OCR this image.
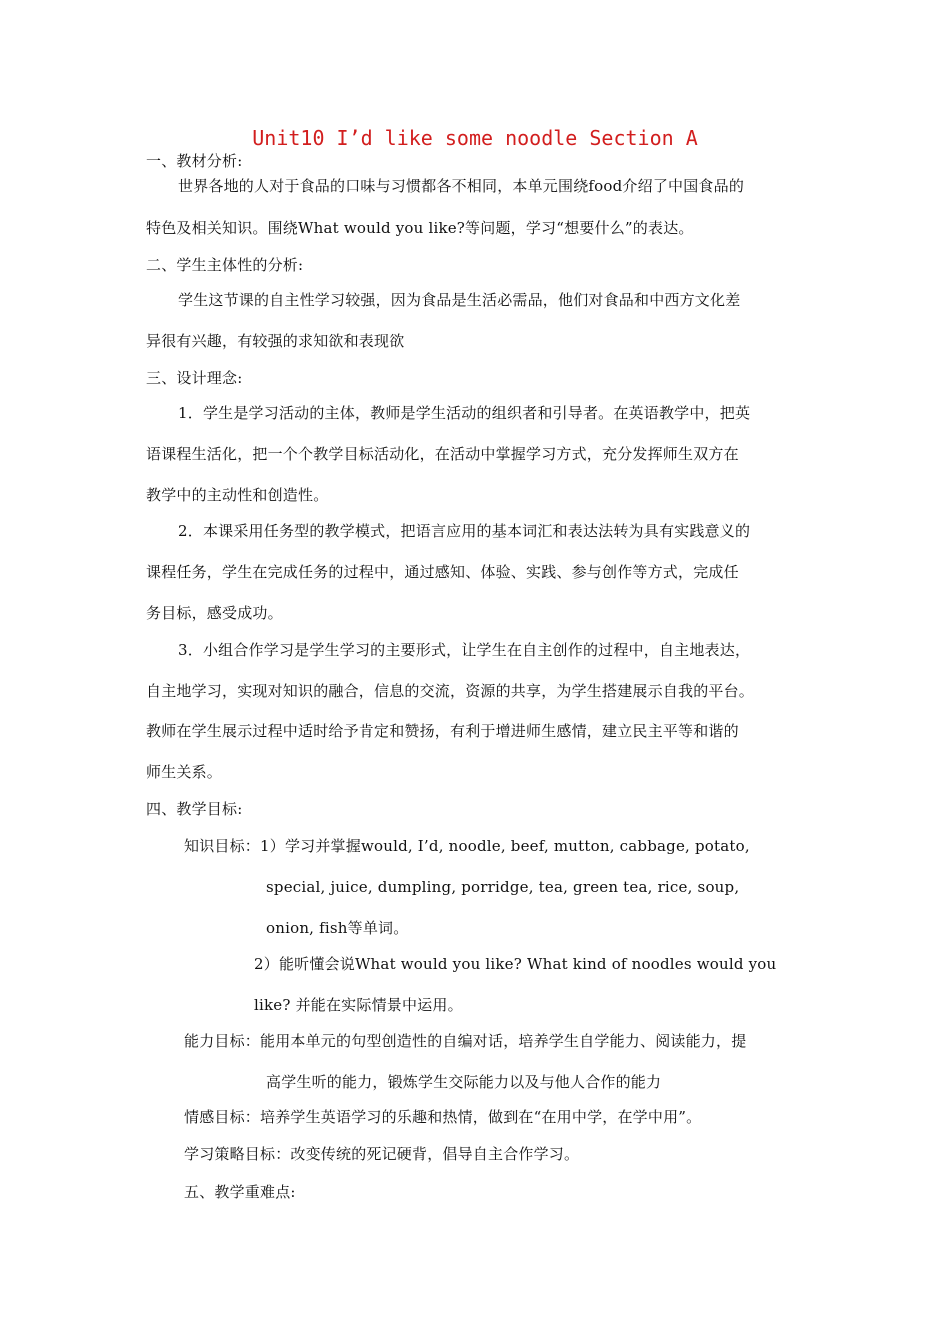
Unit10 I’d like some noodle Section A
一、教材分析:
世界各地的人对于食品的口味与习惯都各不相同，本单元围绕food介绍了中国食品的
特色及相关知识。围绕What would you like?等问题，学习“想要什么”的表达。
二、学生主体性的分析:
学生这节课的自主性学习较强，因为食品是生活必需品，他们对食品和中西方文化差
异很有兴趣，有较强的求知欲和表现欲
三、设计理念:
1．学生是学习活动的主体，教师是学生活动的组织者和引导者。在英语教学中，把英
语课程生活化，把一个个教学目标活动化，在活动中掌握学习方式，充分发挥师生双方在
教学中的主动性和创造性。
2．本课采用任务型的教学模式，把语言应用的基本词汇和表达法转为具有实践意义的
课程任务，学生在完成任务的过程中，通过感知、体验、实践、参与创作等方式，完成任
务目标，感受成功。
3．小组合作学习是学生学习的主要形式，让学生在自主创作的过程中，自主地表达，
自主地学习，实现对知识的融合，信息的交流，资源的共享，为学生搭建展示自我的平台。
教师在学生展示过程中适时给予肯定和赞扬，有利于增进师生感情，建立民主平等和谐的
师生关系。
四、教学目标:
知识目标：1）学习并掌握would, I’d, noodle, beef, mutton, cabbage, potato,
special, juice, dumpling, porridge, tea, green tea, rice, soup,
onion, fish等单词。
2）能听懂会说What would you like? What kind of noodles would you
like? 并能在实际情景中运用。
能力目标：能用本单元的句型创造性的自编对话，培养学生自学能力、阅读能力，提
高学生听的能力，锻炼学生交际能力以及与他人合作的能力
情感目标：培养学生英语学习的乐趣和热情，做到在“在用中学，在学中用”。
学习策略目标：改变传统的死记硬背，倡导自主合作学习。
五、教学重难点:
